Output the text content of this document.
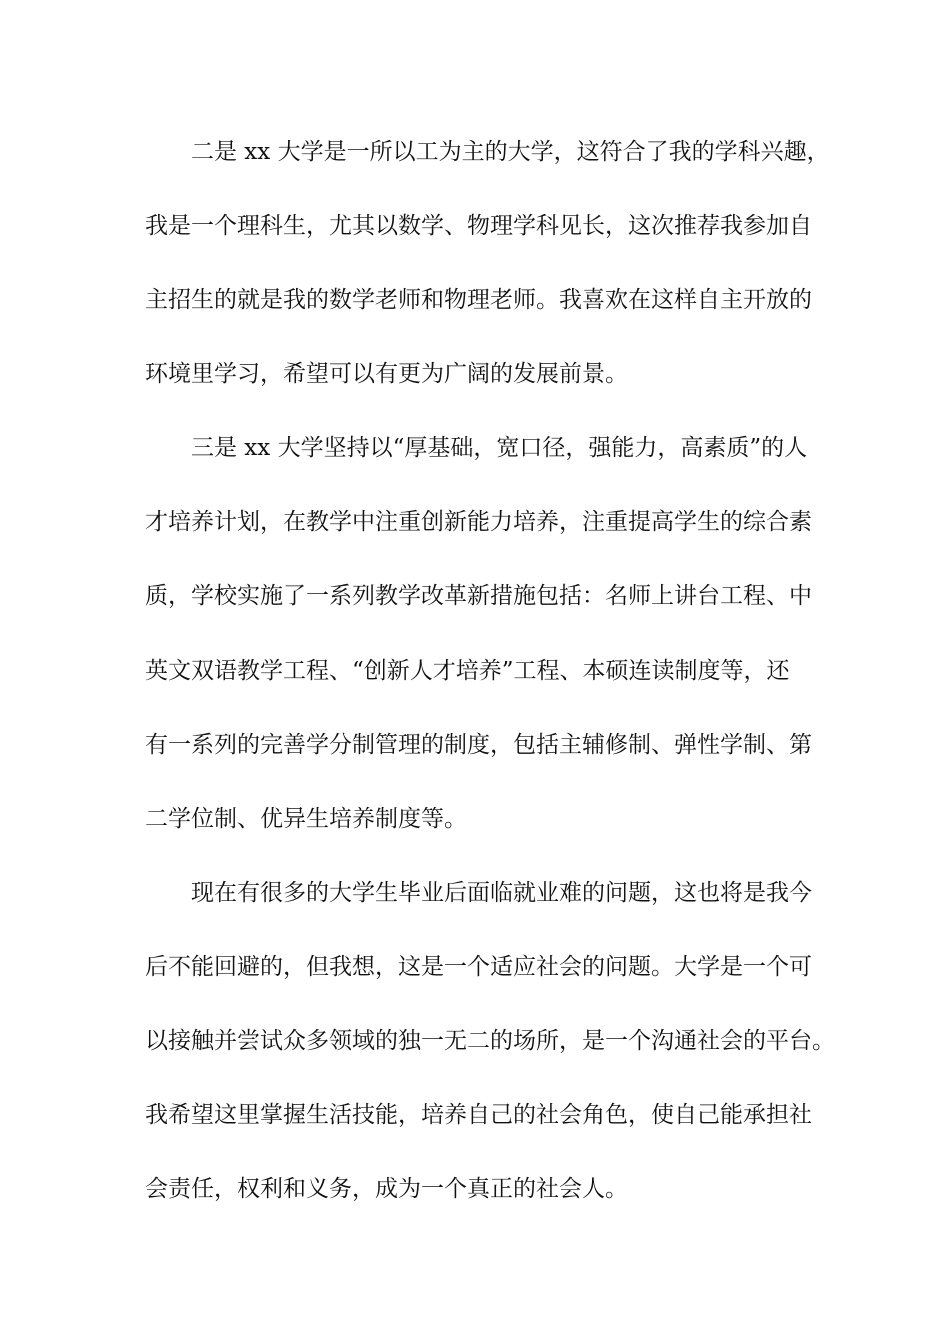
二是 xx 大学是一所以工为主的大学，这符合了我的学科兴趣，
我是一个理科生，尤其以数学、物理学科见长，这次推荐我参加自
主招生的就是我的数学老师和物理老师。我喜欢在这样自主开放的
环境里学习，希望可以有更为广阔的发展前景。
三是 xx 大学坚持以“厚基础，宽口径，强能力，高素质”的人
才培养计划，在教学中注重创新能力培养，注重提高学生的综合素
质，学校实施了一系列教学改革新措施包括：名师上讲台工程、中
英文双语教学工程、“创新人才培养”工程、本硕连读制度等，还
有一系列的完善学分制管理的制度，包括主辅修制、弹性学制、第
二学位制、优异生培养制度等。
现在有很多的大学生毕业后面临就业难的问题，这也将是我今
后不能回避的，但我想，这是一个适应社会的问题。大学是一个可
以接触并尝试众多领域的独一无二的场所，是一个沟通社会的平台。
我希望这里掌握生活技能，培养自己的社会角色，使自己能承担社
会责任，权利和义务，成为一个真正的社会人。
